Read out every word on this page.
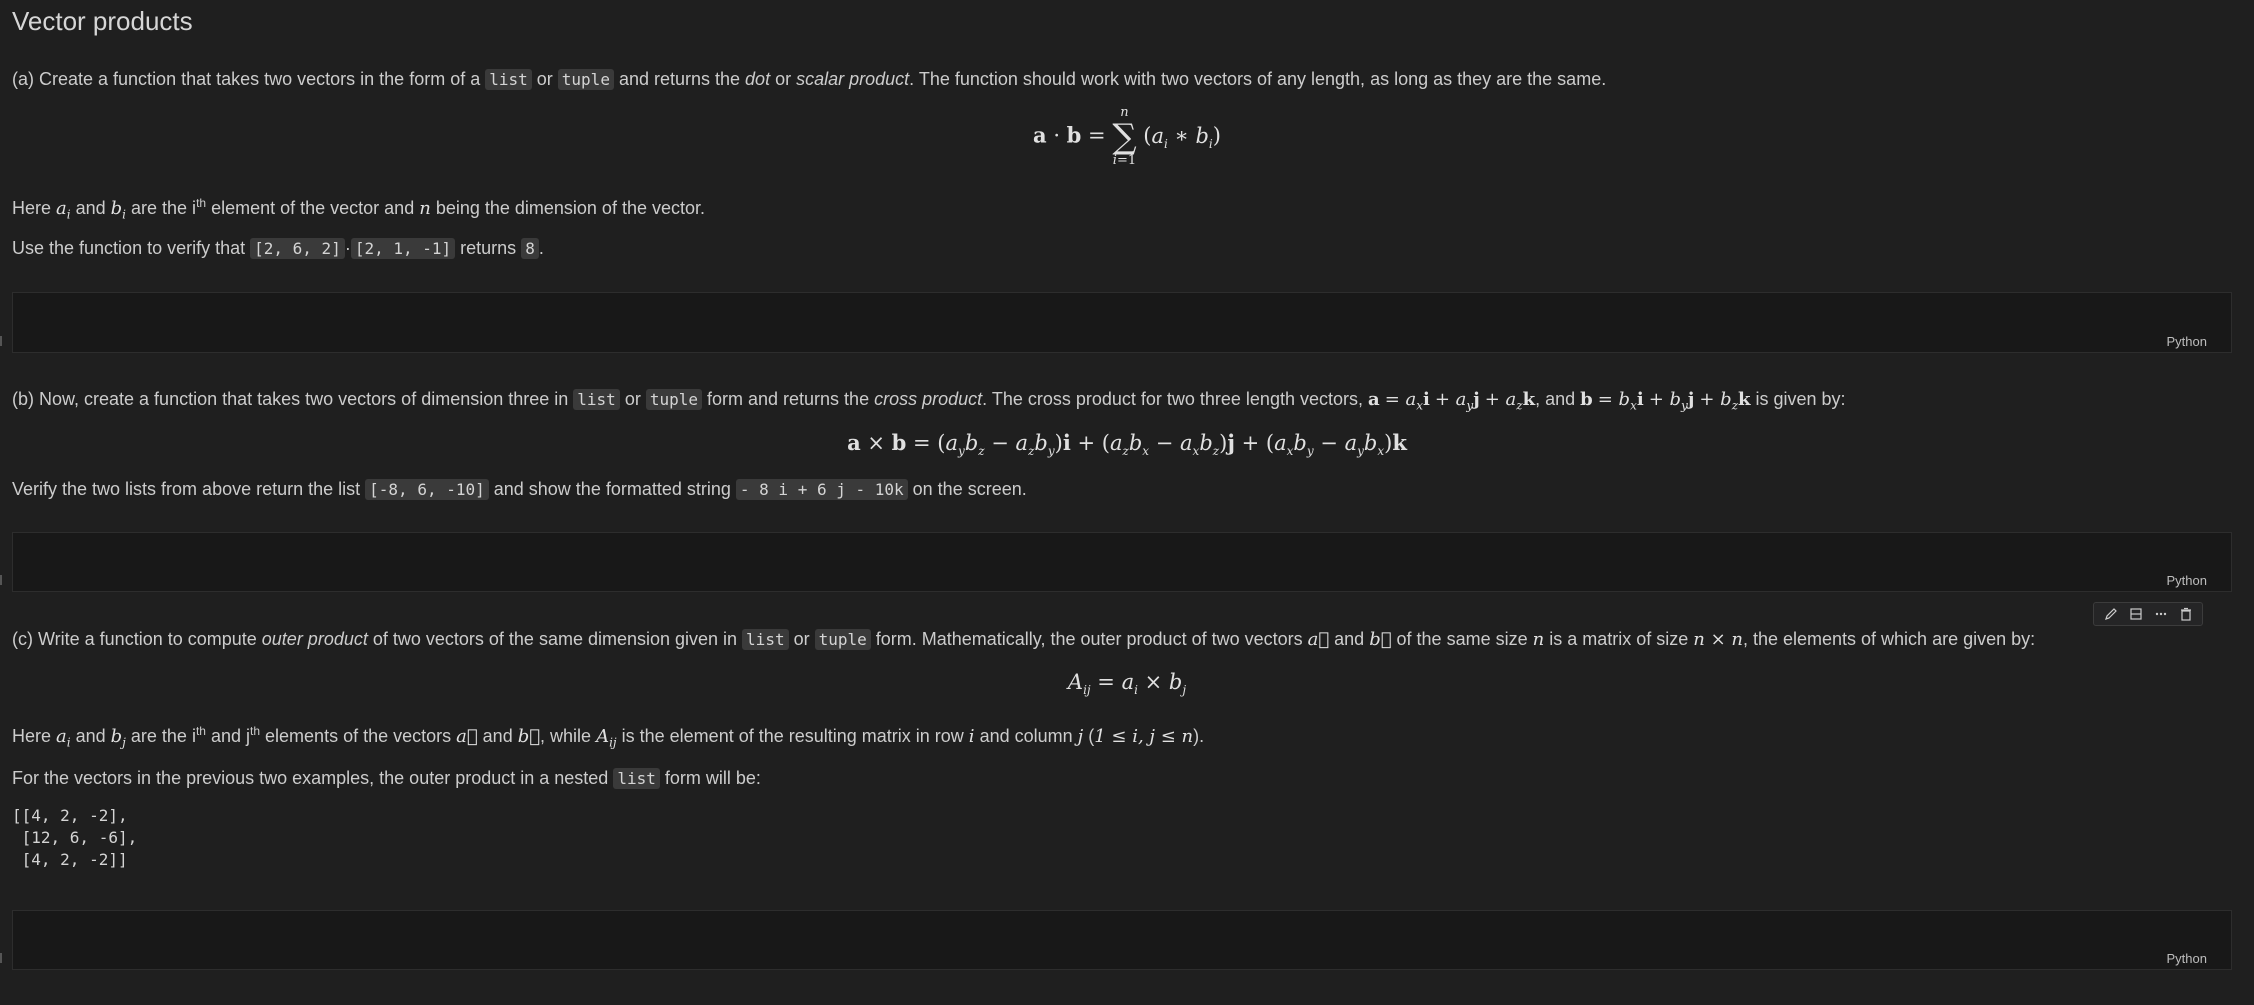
Vector products
(a) Create a function that takes two vectors in the form of a list or tuple and returns the dot or scalar product. The function should work with two vectors of any length, as long as they are the same.
a · b = n
∑
i=1 ($a_i$ ∗ $b_i$)
Here $a_i$ and $b_i$ are the $i^{th}$ element of the vector and n being the dimension of the vector.
Use the function to verify that [2, 6, 2] · [2, 1, -1] returns 8 .
Python
(b) Now, create a function that takes two vectors of dimension three in list or tuple form and returns the cross product. The cross product for two three length vectors, $a = a_xi + a_yj + a_zk$, and $b = b_xi + b_yj + b_zk$ is given by:
$a \times b = (a_yb_z - a_zb_y)i + (a_zb_x - a_xb_z)j + (a_xb_y - a_yb_x)k$
Verify the two lists from above return the list [-8, 6, -10] and show the formatted string - 8 i + 6 j - 10k on the screen.
Python
(c) Write a function to compute outer product of two vectors of the same dimension given in list or tuple form. Mathematically, the outer product of two vectors a⃗ and b⃗ of the same size n is a matrix of size n × n, the elements of which are given by:
$A_{ij} = a_i \times b_j$
Here $a_i$ and $b_j$ are the $i^{th}$ and $j^{th}$ elements of the vectors a⃗ and b⃗, while $A_{ij}$ is the element of the resulting matrix in row i and column j (1 ≤ i, j ≤ n).
For the vectors in the previous two examples, the outer product in a nested list form will be:
[[4, 2, -2],
[12, 6, -6],
[4, 2, -2]]
Python
